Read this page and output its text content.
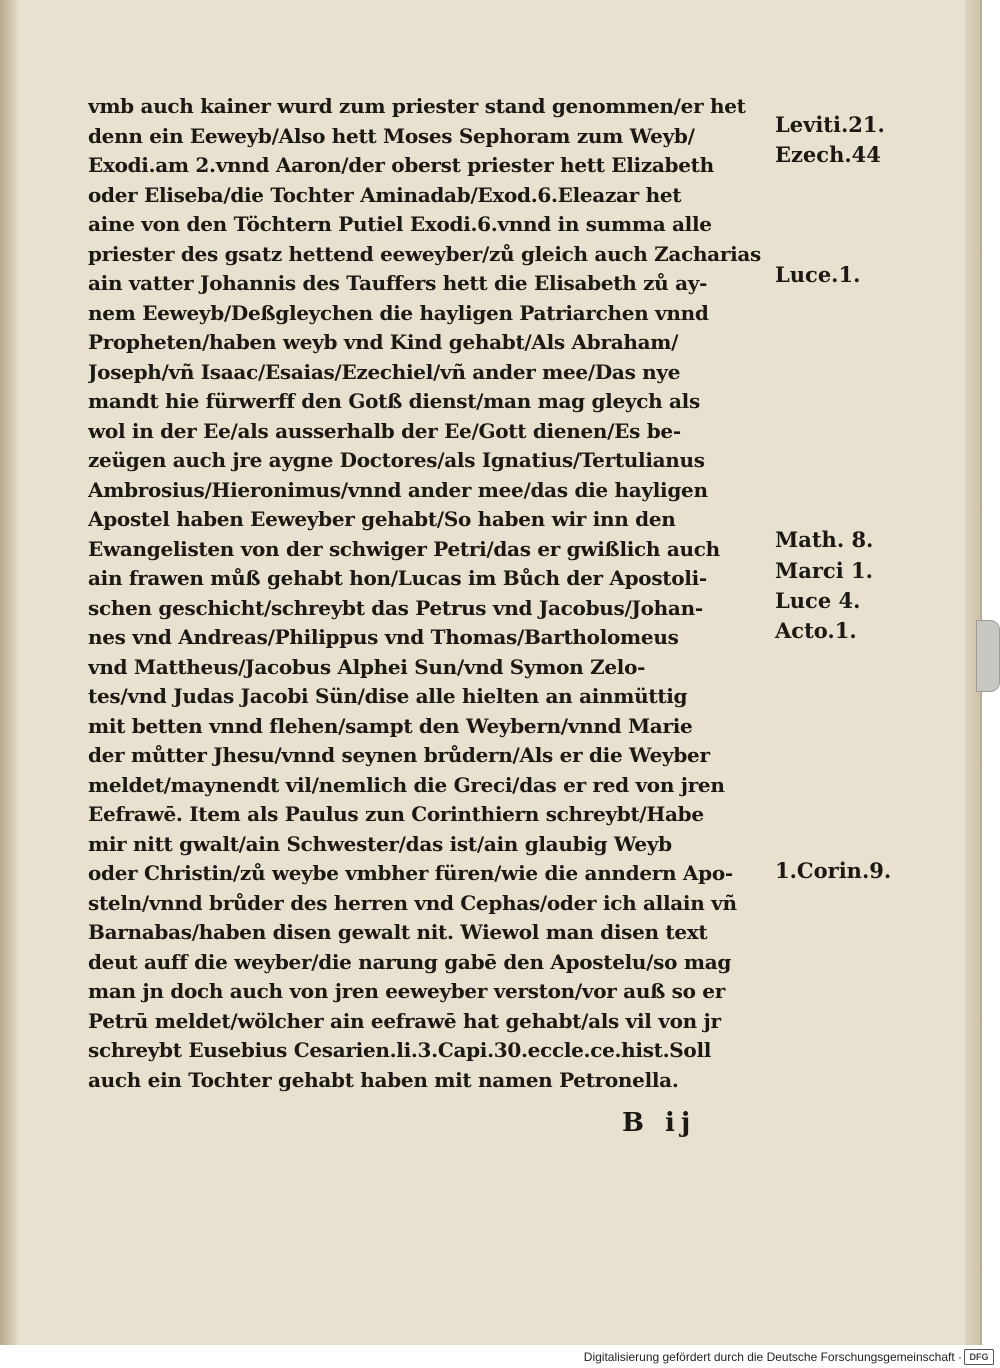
vmb auch kainer wurd zum priester stand genommen/er het
denn ein Eeweyb/Also hett Moses Sephoram zum Weyb/
Exodi.am 2.vnnd Aaron/der oberst priester hett Elizabeth
oder Eliseba/die Tochter Aminadab/Exod.6.Eleazar het
aine von den Töchtern Putiel Exodi.6.vnnd in summa alle
priester des gsatz hettend eeweyber/zů gleich auch Zacharias
ain vatter Johannis des Tauffers hett die Elisabeth zů ay-
nem Eeweyb/Deßgleychen die hayligen Patriarchen vnnd
Propheten/haben weyb vnd Kind gehabt/Als Abraham/
Joseph/vñ Isaac/Esaias/Ezechiel/vñ ander mee/Das nye
mandt hie fürwerff den Gotß dienst/man mag gleych als
wol in der Ee/als ausserhalb der Ee/Gott dienen/Es be-
zeügen auch jre aygne Doctores/als Ignatius/Tertulianus
Ambrosius/Hieronimus/vnnd ander mee/das die hayligen
Apostel haben Eeweyber gehabt/So haben wir inn den
Ewangelisten von der schwiger Petri/das er gwißlich auch
ain frawen můß gehabt hon/Lucas im Bůch der Apostoli-
schen geschicht/schreybt das Petrus vnd Jacobus/Johan-
nes vnd Andreas/Philippus vnd Thomas/Bartholomeus
vnd Mattheus/Jacobus Alphei Sun/vnd Symon Zelo-
tes/vnd Judas Jacobi Sün/dise alle hielten an ainmüttig
mit betten vnnd flehen/sampt den Weybern/vnnd Marie
der můtter Jhesu/vnnd seynen brůdern/Als er die Weyber
meldet/maynendt vil/nemlich die Greci/das er red von jren
Eefrawē. Item als Paulus zun Corinthiern schreybt/Habe
mir nitt gwalt/ain Schwester/das ist/ain glaubig Weyb
oder Christin/zů weybe vmbher füren/wie die anndern Apo-
steln/vnnd brůder des herren vnd Cephas/oder ich allain vñ
Barnabas/haben disen gewalt nit. Wiewol man disen text
deut auff die weyber/die narung gabē den Apostelu/so mag
man jn doch auch von jren eeweyber verston/vor auß so er
Petrū meldet/wölcher ain eefrawē hat gehabt/als vil von jr
schreybt Eusebius Cesarien.li.3.Capi.30.eccle.ce.hist.Soll
auch ein Tochter gehabt haben mit namen Petronella.
Leviti.21.
Ezech.44
Luce.1.
Math. 8.
Marci 1.
Luce 4.
Acto.1.
1.Corin.9.
B ij
Digitalisierung gefördert durch die Deutsche Forschungsgemeinschaft · DFG
